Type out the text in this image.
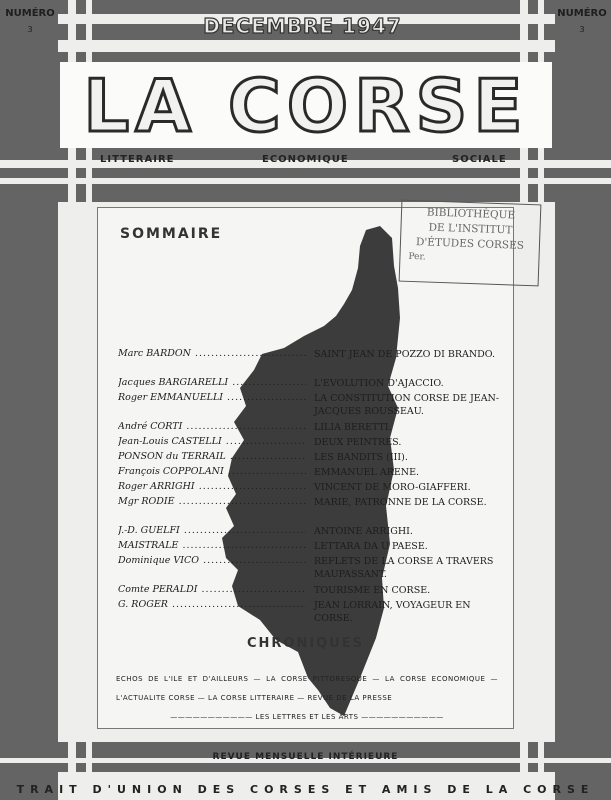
NUMÉRO
3
NUMÉRO
3
DECEMBRE 1947
LA CORSE
LITTERAIRE	ECONOMIQUE	SOCIALE
SOMMAIRE
BIBLIOTHÈQUE
DE L'INSTITUT
D'ÉTUDES CORSES
Per.
Marc BARDON .....	SAINT JEAN DE POZZO DI BRANDO.
Jacques BARGIARELLI .....	L'EVOLUTION D'AJACCIO.
Roger EMMANUELLI .....	LA CONSTITUTION CORSE DE JEAN-JACQUES ROUSSEAU.
André CORTI .....	LILIA BERETTI.
Jean-Louis CASTELLI .....	DEUX PEINTRES.
PONSON du TERRAIL .....	LES BANDITS (III).
François COPPOLANI .....	EMMANUEL ARENE.
Roger ARRIGHI .....	VINCENT DE MORO-GIAFFERI.
Mgr RODIÉ .....	MARIE, PATRONNE DE LA CORSE.
J.-D. GUELFI .....	ANTOINE ARRIGHI.
MAISTRALE .....	LETTARA DA U PAESE.
Dominique VICO .....	REFLETS DE LA CORSE A TRAVERS MAUPASSANT.
Comte PERALDI .....	TOURISME EN CORSE.
G. ROGER .....	JEAN LORRAIN, VOYAGEUR EN CORSE.
CHRONIQUES
ECHOS DE L'ILE ET D'AILLEURS — LA CORSE PITTORESQUE — LA CORSE ECONOMIQUE — L'ACTUALITE CORSE — LA CORSE LITTERAIRE — REVUE DE LA PRESSE
——————————— LES LETTRES ET LES ARTS ———————————
REVUE MENSUELLE INTÉRIEURE
TRAIT D'UNION DES CORSES ET AMIS DE LA CORSE
